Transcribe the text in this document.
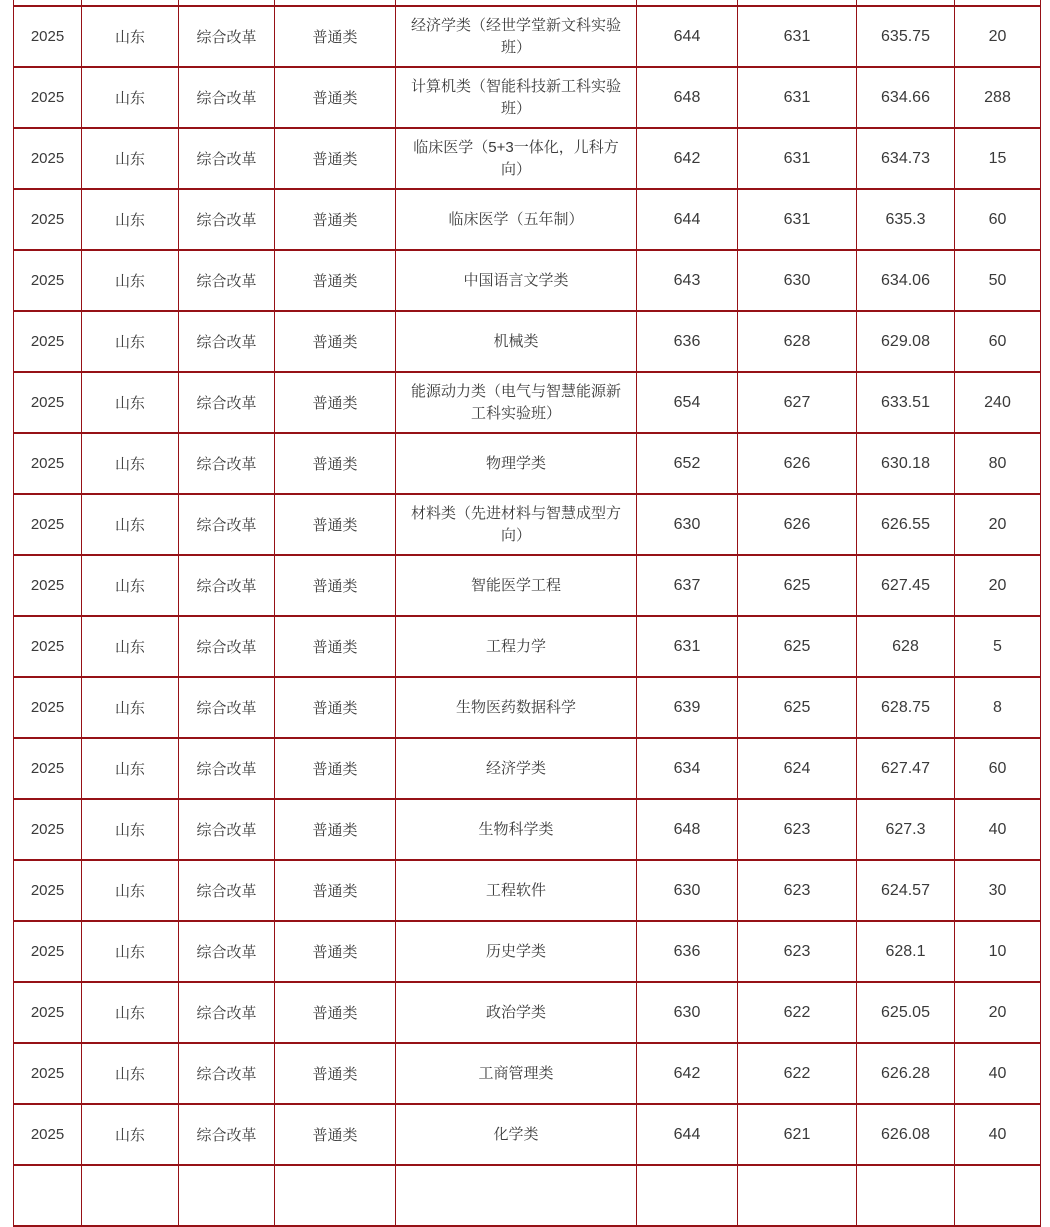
2025	山东	综合改革	普通类	经济学类（经世学堂新文科实验班）	644	631	635.75	20
2025	山东	综合改革	普通类	计算机类（智能科技新工科实验班）	648	631	634.66	288
2025	山东	综合改革	普通类	临床医学（5+3一体化，儿科方向）	642	631	634.73	15
2025	山东	综合改革	普通类	临床医学（五年制）	644	631	635.3	60
2025	山东	综合改革	普通类	中国语言文学类	643	630	634.06	50
2025	山东	综合改革	普通类	机械类	636	628	629.08	60
2025	山东	综合改革	普通类	能源动力类（电气与智慧能源新工科实验班）	654	627	633.51	240
2025	山东	综合改革	普通类	物理学类	652	626	630.18	80
2025	山东	综合改革	普通类	材料类（先进材料与智慧成型方向）	630	626	626.55	20
2025	山东	综合改革	普通类	智能医学工程	637	625	627.45	20
2025	山东	综合改革	普通类	工程力学	631	625	628	5
2025	山东	综合改革	普通类	生物医药数据科学	639	625	628.75	8
2025	山东	综合改革	普通类	经济学类	634	624	627.47	60
2025	山东	综合改革	普通类	生物科学类	648	623	627.3	40
2025	山东	综合改革	普通类	工程软件	630	623	624.57	30
2025	山东	综合改革	普通类	历史学类	636	623	628.1	10
2025	山东	综合改革	普通类	政治学类	630	622	625.05	20
2025	山东	综合改革	普通类	工商管理类	642	622	626.28	40
2025	山东	综合改革	普通类	化学类	644	621	626.08	40
